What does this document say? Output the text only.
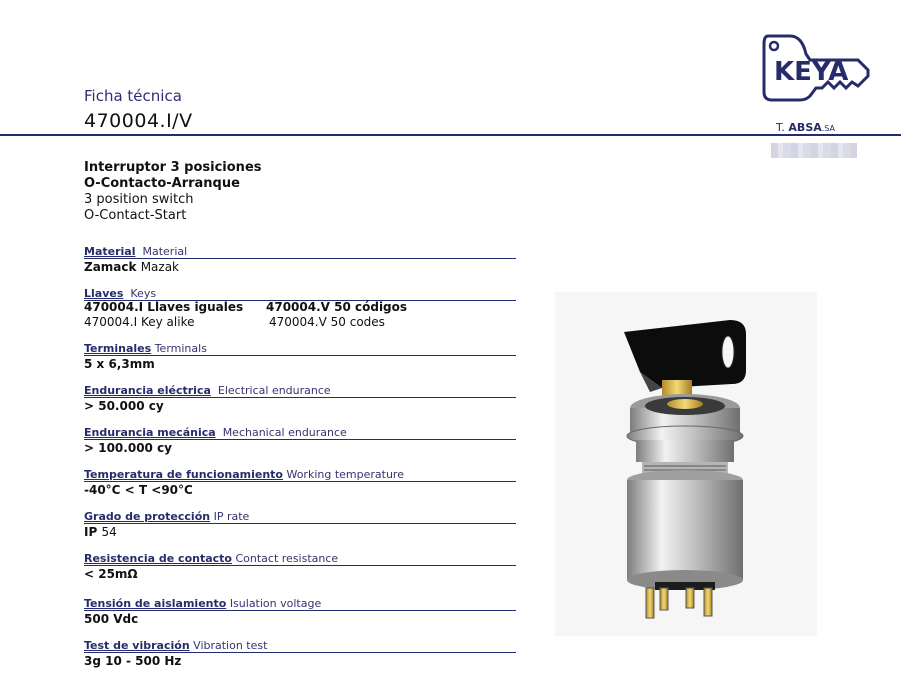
Ficha técnica
470004.I/V
KEYA
T. ABSA.SA
Interruptor 3 posiciones
O-Contacto-Arranque
3 position switch
O-Contact-Start
Material Material
Zamack Mazak
Llaves Keys
470004.I Llaves iguales 470004.V 50 códigos
470004.I Key alike	470004.V 50 codes
Terminales Terminals
5 x 6,3mm
Endurancia eléctrica Electrical endurance
> 50.000 cy
Endurancia mecánica Mechanical endurance
> 100.000 cy
Temperatura de funcionamiento Working temperature
-40°C < T <90°C
Grado de protección IP rate
IP 54
Resistencia de contacto Contact resistance
< 25mΩ
Tensión de aislamiento Isulation voltage
500 Vdc
Test de vibración Vibration test
3g 10 - 500 Hz
